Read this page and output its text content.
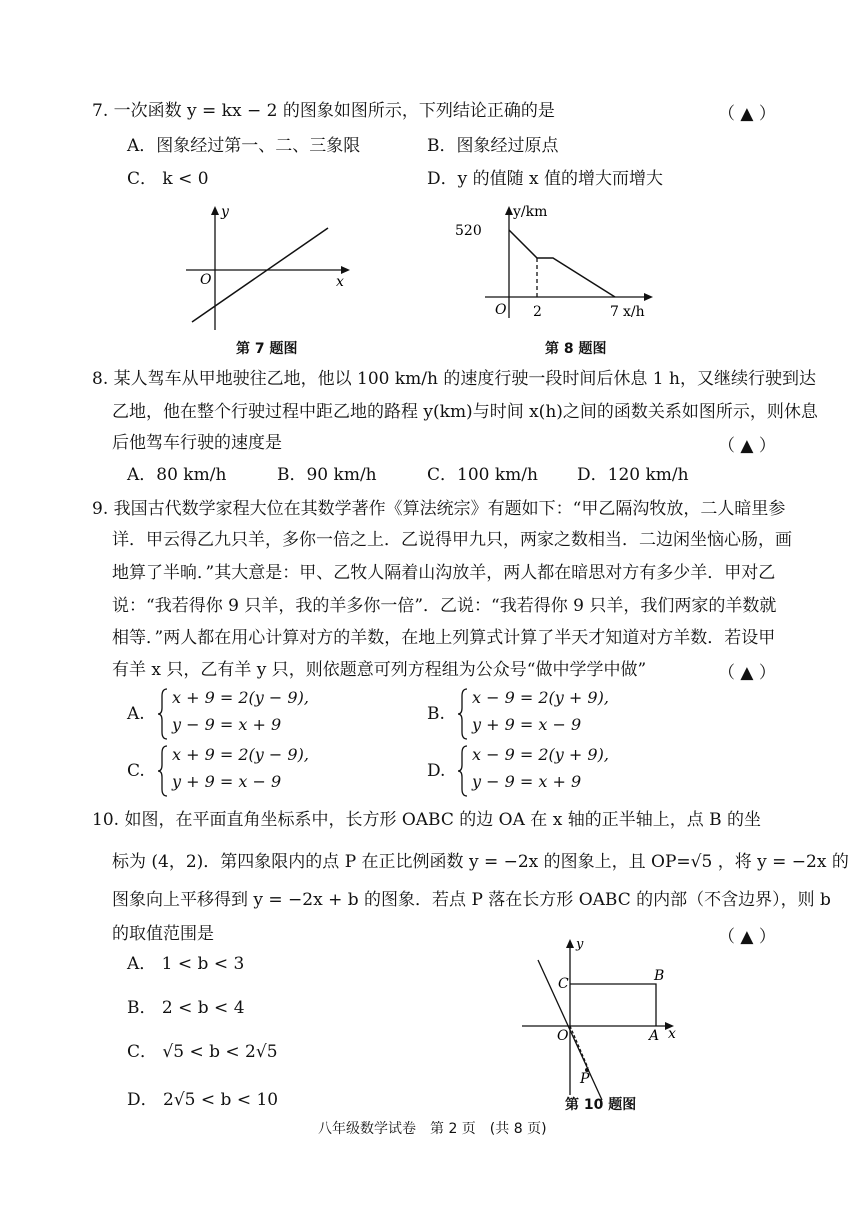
7. 一次函数 y = kx − 2 的图象如图所示，下列结论正确的是	（ ▲ ）
A．图象经过第一、二、三象限	B．图象经过原点
C． k < 0	D．y 的值随 x 值的增大而增大
y
x
O
第 7 题图
y/km
520
O 2	7 x/h
第 8 题图
8. 某人驾车从甲地驶往乙地，他以 100 km/h 的速度行驶一段时间后休息 1 h，又继续行驶到达
乙地，他在整个行驶过程中距乙地的路程 y(km)与时间 x(h)之间的函数关系如图所示，则休息
后他驾车行驶的速度是	（ ▲ ）
A．80 km/h	B．90 km/h	C．100 km/h D．120 km/h
9. 我国古代数学家程大位在其数学著作《算法统宗》有题如下：“甲乙隔沟牧放，二人暗里参
详．甲云得乙九只羊，多你一倍之上．乙说得甲九只，两家之数相当．二边闲坐恼心肠，画
地算了半晌．”其大意是：甲、乙牧人隔着山沟放羊，两人都在暗思对方有多少羊．甲对乙
说：“我若得你 9 只羊，我的羊多你一倍”．乙说：“我若得你 9 只羊，我们两家的羊数就
相等．”两人都在用心计算对方的羊数，在地上列算式计算了半天才知道对方羊数．若设甲
有羊 x 只，乙有羊 y 只，则依题意可列方程组为公众号“做中学学中做”	（ ▲ ）
A.
x + 9 = 2(y − 9),
y − 9 = x + 9
B.
x − 9 = 2(y + 9),
y + 9 = x − 9
C.
x + 9 = 2(y − 9),
y + 9 = x − 9
D.
x − 9 = 2(y + 9),
y − 9 = x + 9
10. 如图，在平面直角坐标系中，长方形 OABC 的边 OA 在 x 轴的正半轴上，点 B 的坐
标为 (4，2)．第四象限内的点 P 在正比例函数 y = −2x 的图象上，且 OP=√5 ，将 y = −2x 的
图象向上平移得到 y = −2x + b 的图象．若点 P 落在长方形 OABC 的内部（不含边界），则 b
的取值范围是	（ ▲ ）
A． 1 < b < 3
B． 2 < b < 4
C． √5 < b < 2√5
D． 2√5 < b < 10
y
x
O	A
B
C
P
第 10 题图
八年级数学试卷　第 2 页　(共 8 页)
